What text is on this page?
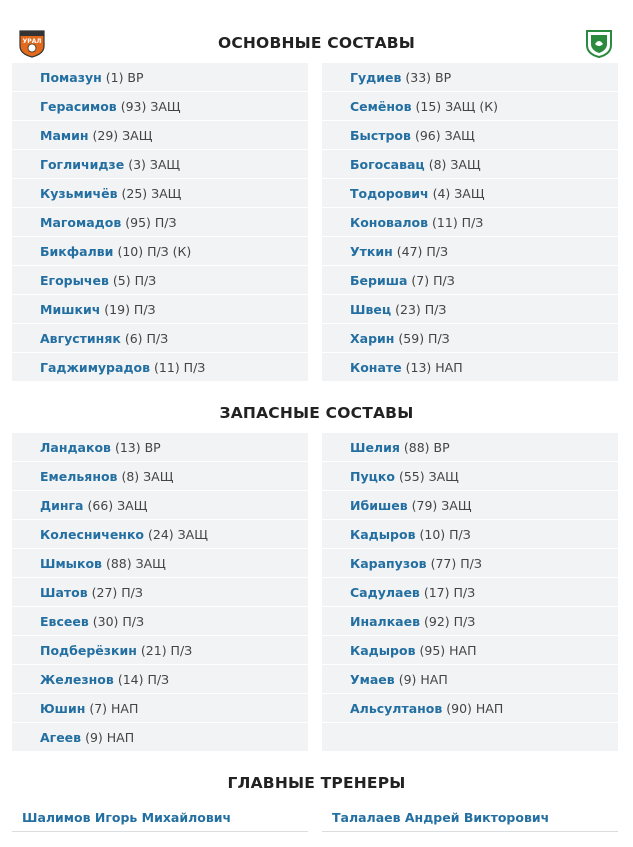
УРАЛ	ОСНОВНЫЕ СОСТАВЫ
Помазун (1) ВР
Герасимов (93) ЗАЩ
Мамин (29) ЗАЩ
Гогличидзе (3) ЗАЩ
Кузьмичёв (25) ЗАЩ
Магомадов (95) П/З
Бикфалви (10) П/З (К)
Егорычев (5) П/З
Мишкич (19) П/З
Августиняк (6) П/З
Гаджимурадов (11) П/З
Гудиев (33) ВР
Семёнов (15) ЗАЩ (К)
Быстров (96) ЗАЩ
Богосавац (8) ЗАЩ
Тодорович (4) ЗАЩ
Коновалов (11) П/З
Уткин (47) П/З
Бериша (7) П/З
Швец (23) П/З
Харин (59) П/З
Конате (13) НАП
ЗАПАСНЫЕ СОСТАВЫ
Ландаков (13) ВР
Емельянов (8) ЗАЩ
Динга (66) ЗАЩ
Колесниченко (24) ЗАЩ
Шмыков (88) ЗАЩ
Шатов (27) П/З
Евсеев (30) П/З
Подберёзкин (21) П/З
Железнов (14) П/З
Юшин (7) НАП
Агеев (9) НАП
Шелия (88) ВР
Пуцко (55) ЗАЩ
Ибишев (79) ЗАЩ
Кадыров (10) П/З
Карапузов (77) П/З
Садулаев (17) П/З
Иналкаев (92) П/З
Кадыров (95) НАП
Умаев (9) НАП
Альсултанов (90) НАП
ГЛАВНЫЕ ТРЕНЕРЫ
Шалимов Игорь Михайлович	Талалаев Андрей Викторович
